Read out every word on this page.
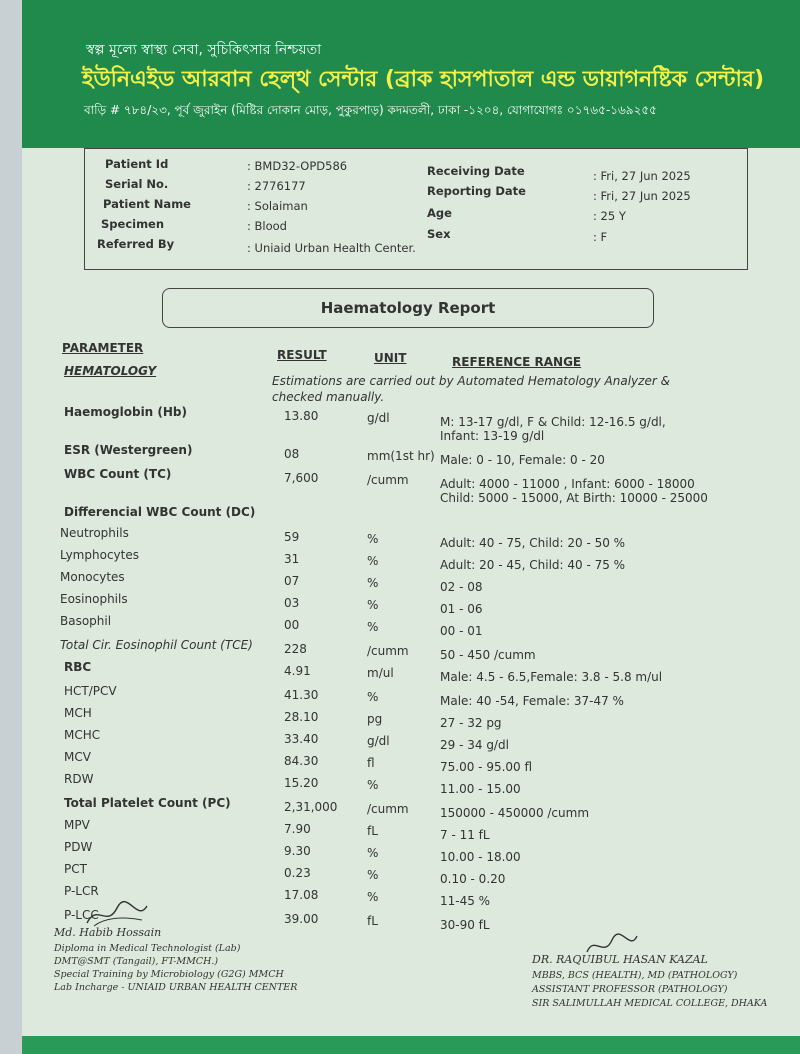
স্বল্প মূল্যে স্বাস্থ্য সেবা, সুচিকিৎসার নিশ্চয়তা
ইউনিএইড আরবান হেল্‌থ সেন্টার (ব্রাক হাসপাতাল এন্ড ডায়াগনষ্টিক সেন্টার)
বাড়ি # ৭৮৪/২৩, পূর্ব জুরাইন (মিষ্টির দোকান মোড়, পুকুরপাড়) কদমতলী, ঢাকা -১২০৪, যোগাযোগঃ ০১৭৬৫-১৬৯২৫৫
Patient Id	: BMD32-OPD586
Serial No.	: 2776177
Patient Name	: Solaiman
Specimen	: Blood
Referred By	: Uniaid Urban Health Center.
Receiving Date	: Fri, 27 Jun 2025
Reporting Date	: Fri, 27 Jun 2025
Age	: 25 Y
Sex	: F
Haematology Report
PARAMETER	RESULT	UNIT	REFERENCE RANGE
HEMATOLOGY
Estimations are carried out by Automated Hematology Analyzer & checked manually.
Haemoglobin (Hb)	13.80	g/dl	M: 13-17 g/dl, F & Child: 12-16.5 g/dl,
Infant: 13-19 g/dl
ESR (Westergreen)	08	mm(1st hr) Male: 0 - 10, Female: 0 - 20
WBC Count (TC)	7,600	/cumm	Adult: 4000 - 11000 , Infant: 6000 - 18000
Child: 5000 - 15000, At Birth: 10000 - 25000
Differencial WBC Count (DC)
Neutrophils	59	%	Adult: 40 - 75, Child: 20 - 50 %
Lymphocytes	31	%	Adult: 20 - 45, Child: 40 - 75 %
Monocytes	07	%	02 - 08
Eosinophils	03	%	01 - 06
Basophil	00	%	00 - 01
Total Cir. Eosinophil Count (TCE)	228	/cumm	50 - 450 /cumm
RBC	4.91	m/ul	Male: 4.5 - 6.5,Female: 3.8 - 5.8 m/ul
HCT/PCV	41.30	%	Male: 40 -54, Female: 37-47 %
MCH	28.10	pg	27 - 32 pg
MCHC	33.40	g/dl	29 - 34 g/dl
MCV	84.30	fl	75.00 - 95.00 fl
RDW	15.20	%	11.00 - 15.00
Total Platelet Count (PC)	2,31,000 /cumm	150000 - 450000 /cumm
MPV	7.90	fL	7 - 11 fL
PDW	9.30	%	10.00 - 18.00
PCT	0.23	%	0.10 - 0.20
P-LCR	17.08	%	11-45 %
P-LCC	39.00	fL	30-90 fL
Md. Habib Hossain
Diploma in Medical Technologist (Lab)
DMT@SMT (Tangail), FT-MMCH.)
Special Training by Microbiology (G2G) MMCH
Lab Incharge - UNIAID URBAN HEALTH CENTER
DR. RAQUIBUL HASAN KAZAL
MBBS, BCS (HEALTH), MD (PATHOLOGY)
ASSISTANT PROFESSOR (PATHOLOGY)
SIR SALIMULLAH MEDICAL COLLEGE, DHAKA
